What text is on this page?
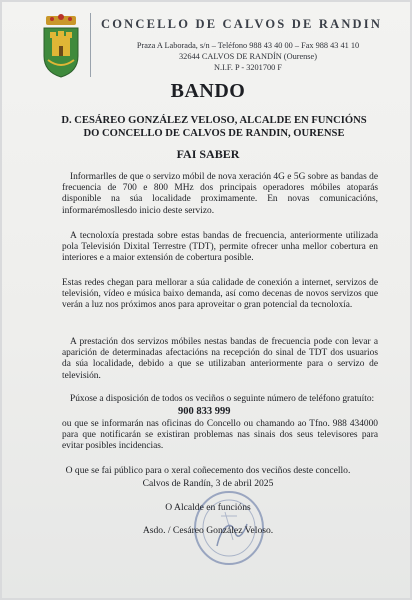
CONCELLO DE CALVOS DE RANDIN
Praza A Laborada, s/n – Teléfono 988 43 40 00 – Fax 988 43 41 10
32644 CALVOS DE RANDÍN (Ourense)
N.I.F. P - 3201700 F
BANDO
D. CESÁREO GONZÁLEZ VELOSO, ALCALDE EN FUNCIÓNS DO CONCELLO DE CALVOS DE RANDIN, OURENSE
FAI SABER

Informarlles de que o servizo móbil de nova xeración 4G e 5G sobre as bandas de frecuencia de 700 e 800 MHz dos principais operadores móbiles atoparás disponible na súa localidade proximamente. En novas comunicacións, informarémosllesdo inicio deste servizo.

A tecnoloxía prestada sobre estas bandas de frecuencia, anteriormente utilizada pola Televisión Dixital Terrestre (TDT), permite ofrecer unha mellor cobertura en interiores e a maior extensión de cobertura posible.

Estas redes chegan para mellorar a súa calidade de conexión a internet, servizos de televisión, vídeo e música baixo demanda, así como decenas de novos servizos que verán a luz nos próximos anos para aproveitar o gran potencial da tecnoloxía.

A prestación dos servizos móbiles nestas bandas de frecuencia pode con levar a aparición de determinadas afectacións na recepción do sinal de TDT dos usuarios da súa localidade, debido a que se utilizaban anteriormente para o servizo de televisión.

Púxose a disposición de todos os veciños o seguinte número de teléfono gratuíto:

900 833 999

ou que se informarán nas oficinas do Concello ou chamando ao Tfno. 988 434000 para que notificarán se existiran problemas nas sinais dos seus televisores para evitar posibles incidencias.

O que se fai público para o xeral coñecemento dos veciños deste concello.
Calvos de Randín, 3 de abril 2025
O Alcalde en funcións
Asdo. / Cesáreo González Veloso.
